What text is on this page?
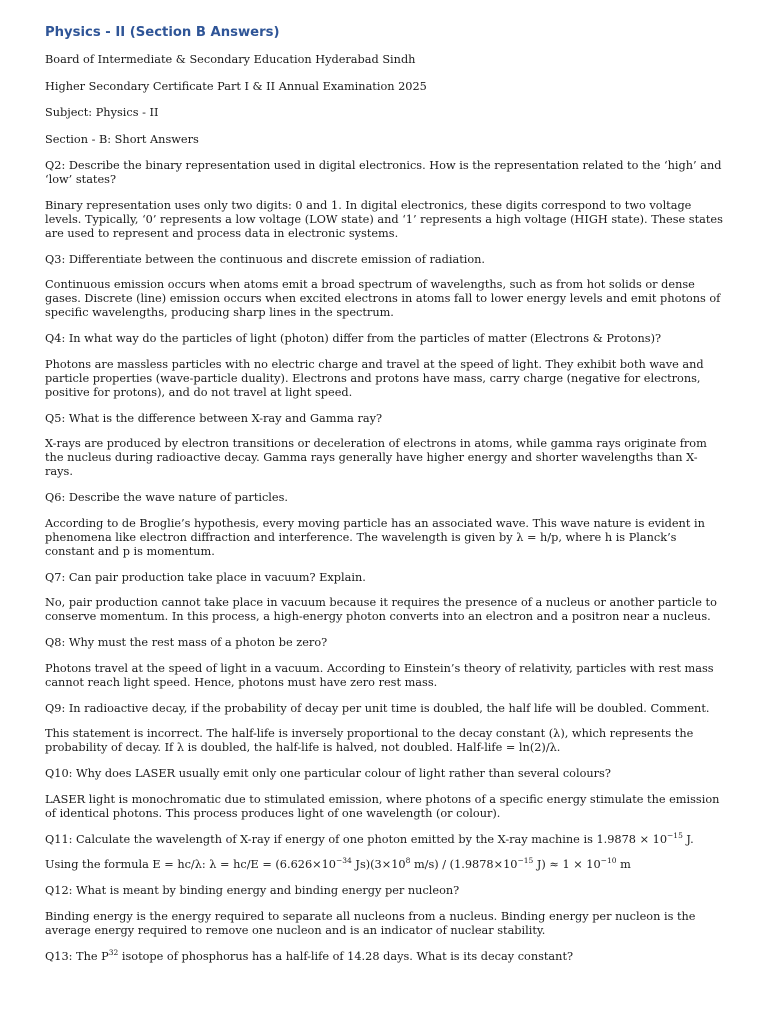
Physics - II (Section B Answers)
Board of Intermediate & Secondary Education Hyderabad Sindh
Higher Secondary Certificate Part I & II Annual Examination 2025
Subject: Physics - II
Section - B: Short Answers
Q2: Describe the binary representation used in digital electronics. How is the representation related to the ‘high’ and ‘low’ states?
Binary representation uses only two digits: 0 and 1. In digital electronics, these digits correspond to two voltage levels. Typically, ‘0’ represents a low voltage (LOW state) and ‘1’ represents a high voltage (HIGH state). These states are used to represent and process data in electronic systems.
Q3: Differentiate between the continuous and discrete emission of radiation.
Continuous emission occurs when atoms emit a broad spectrum of wavelengths, such as from hot solids or dense gases. Discrete (line) emission occurs when excited electrons in atoms fall to lower energy levels and emit photons of specific wavelengths, producing sharp lines in the spectrum.
Q4: In what way do the particles of light (photon) differ from the particles of matter (Electrons & Protons)?
Photons are massless particles with no electric charge and travel at the speed of light. They exhibit both wave and particle properties (wave-particle duality). Electrons and protons have mass, carry charge (negative for electrons, positive for protons), and do not travel at light speed.
Q5: What is the difference between X-ray and Gamma ray?
X-rays are produced by electron transitions or deceleration of electrons in atoms, while gamma rays originate from the nucleus during radioactive decay. Gamma rays generally have higher energy and shorter wavelengths than X-rays.
Q6: Describe the wave nature of particles.
According to de Broglie’s hypothesis, every moving particle has an associated wave. This wave nature is evident in phenomena like electron diffraction and interference. The wavelength is given by λ = h/p, where h is Planck’s constant and p is momentum.
Q7: Can pair production take place in vacuum? Explain.
No, pair production cannot take place in vacuum because it requires the presence of a nucleus or another particle to conserve momentum. In this process, a high-energy photon converts into an electron and a positron near a nucleus.
Q8: Why must the rest mass of a photon be zero?
Photons travel at the speed of light in a vacuum. According to Einstein’s theory of relativity, particles with rest mass cannot reach light speed. Hence, photons must have zero rest mass.
Q9: In radioactive decay, if the probability of decay per unit time is doubled, the half life will be doubled. Comment.
This statement is incorrect. The half-life is inversely proportional to the decay constant (λ), which represents the probability of decay. If λ is doubled, the half-life is halved, not doubled. Half-life = ln(2)/λ.
Q10: Why does LASER usually emit only one particular colour of light rather than several colours?
LASER light is monochromatic due to stimulated emission, where photons of a specific energy stimulate the emission of identical photons. This process produces light of one wavelength (or colour).
Q11: Calculate the wavelength of X-ray if energy of one photon emitted by the X-ray machine is $1.9878 \times 10^{-15}$ J.
Using the formula E = hc/λ: $\lambda = hc/E = (6.626\times 10^{-34}$ $Js)(3\times 10^8$ $m/s) / (1.9878\times 10^{-15}$ $J) \approx 1 \times 10^{-10}$ m
Q12: What is meant by binding energy and binding energy per nucleon?
Binding energy is the energy required to separate all nucleons from a nucleus. Binding energy per nucleon is the average energy required to remove one nucleon and is an indicator of nuclear stability.
Q13: The $P^{32}$ isotope of phosphorus has a half-life of 14.28 days. What is its decay constant?
